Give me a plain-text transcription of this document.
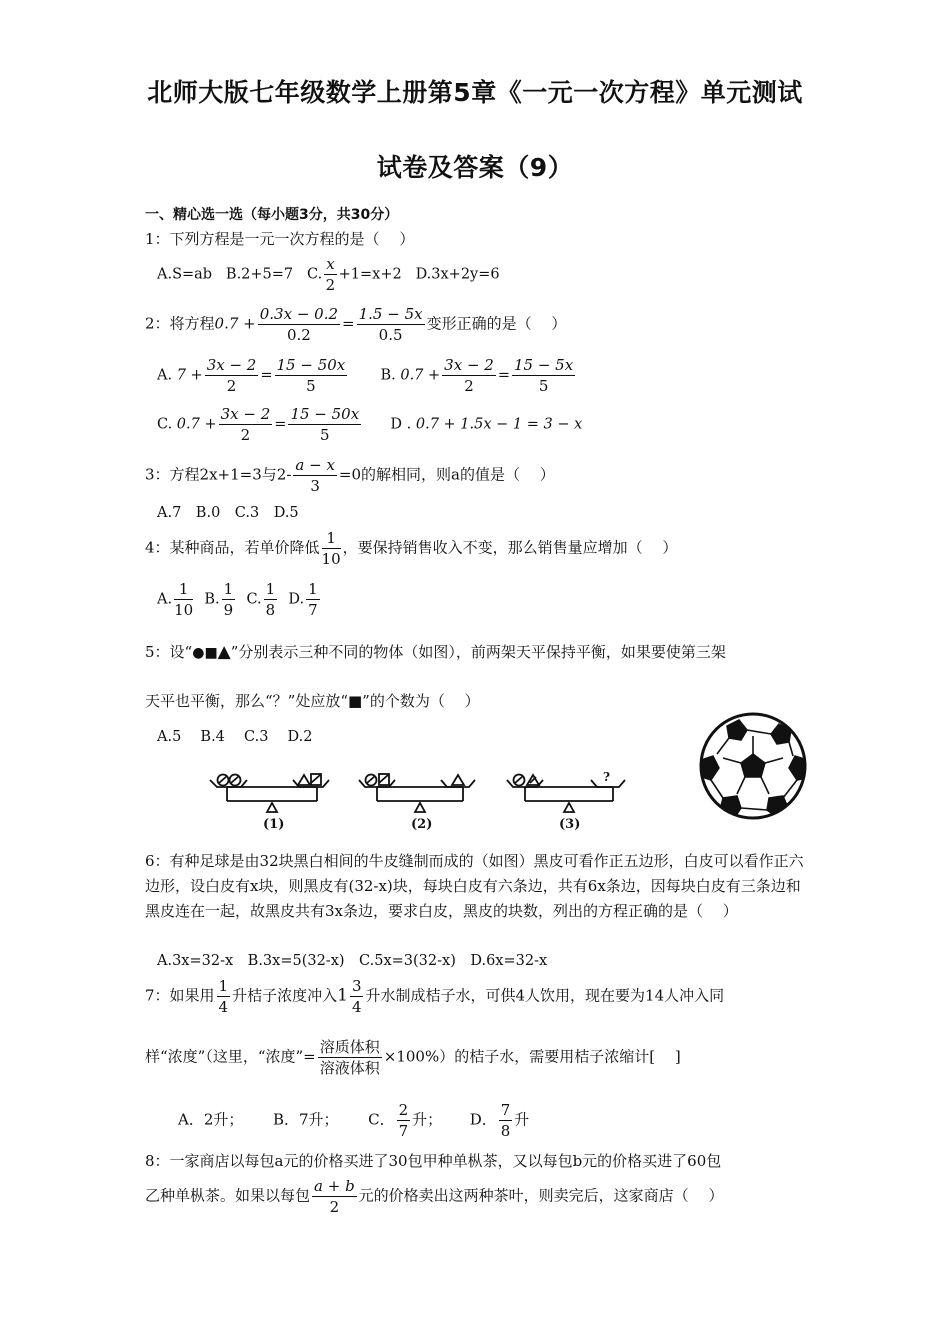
北师大版七年级数学上册第5章《一元一次方程》单元测试
试卷及答案（9）
一、精心选一选（每小题3分，共30分）
1：下列方程是一元一次方程的是（　 ）
A.S=ab B.2+5=7 C. $\frac{x}{2} +1=x+2$ D.3x+2y=6
2：将方程$0.7 + \frac{0.3x - 0.2}{0.2} = \frac{1.5 - 5x}{0.5}$ 变形正确的是（　 ）
A. $7 + \frac{3x - 2}{2} = \frac{15 - 50x}{5} B$. $0.7 + \frac{3x - 2}{2} = \frac{15 - 5x}{5}$
C. $0.7 + \frac{3x - 2}{2} = \frac{15 - 50x}{5}$ D . 0.7 + 1.5x − 1 = 3 − x
3：方程2x+1=3与$2- \frac{a - x}{3} =0$的解相同，则a的值是（　 ）
A.7　B.0　C.3　D.5
4：某种商品，若单价降低 $\frac{1}{10}$ ，要保持销售收入不变，那么销售量应增加（　 ）
A. $\frac{1}{10} B$. $\frac{1}{9} C$. $\frac{1}{8} D$. $\frac{1}{7}$
5：设“●■▲”分别表示三种不同的物体（如图），前两架天平保持平衡，如果要使第三架
天平也平衡，那么“？”处应放“■”的个数为（　 ）
A.5　 B.4　 C.3　 D.2
(1)	(2)
?
(3)
6：有种足球是由32块黑白相间的牛皮缝制而成的（如图）黑皮可看作正五边形，白皮可以看作正六边形，设白皮有x块，则黑皮有(32-x)块，每块白皮有六条边，共有6x条边，因每块白皮有三条边和黑皮连在一起，故黑皮共有3x条边，要求白皮，黑皮的块数，列出的方程正确的是（　 ）
A.3x=32-x　B.3x=5(32-x)　C.5x=3(32-x)　D.6x=32-x
7：如果用 $\frac{1}{4}$ 升桔子浓度冲入$1 \frac{3}{4}$ 升水制成桔子水，可供4人饮用，现在要为14人冲入同
样“浓度”（这里，“浓度”= $\frac{\text{溶质体积}}{\text{溶液体积}} \times 100\%$）的桔子水，需要用桔子浓缩计[　 ]
A．2升； B．7升； C． $\frac{2}{7}$ 升； D． $\frac{7}{8}$ 升
8：一家商店以每包a元的价格买进了30包甲种单枞茶，又以每包b元的价格买进了60包
乙种单枞茶。如果以每包 $\frac{a + b}{2}$ 元的价格卖出这两种茶叶，则卖完后，这家商店（　 ）
